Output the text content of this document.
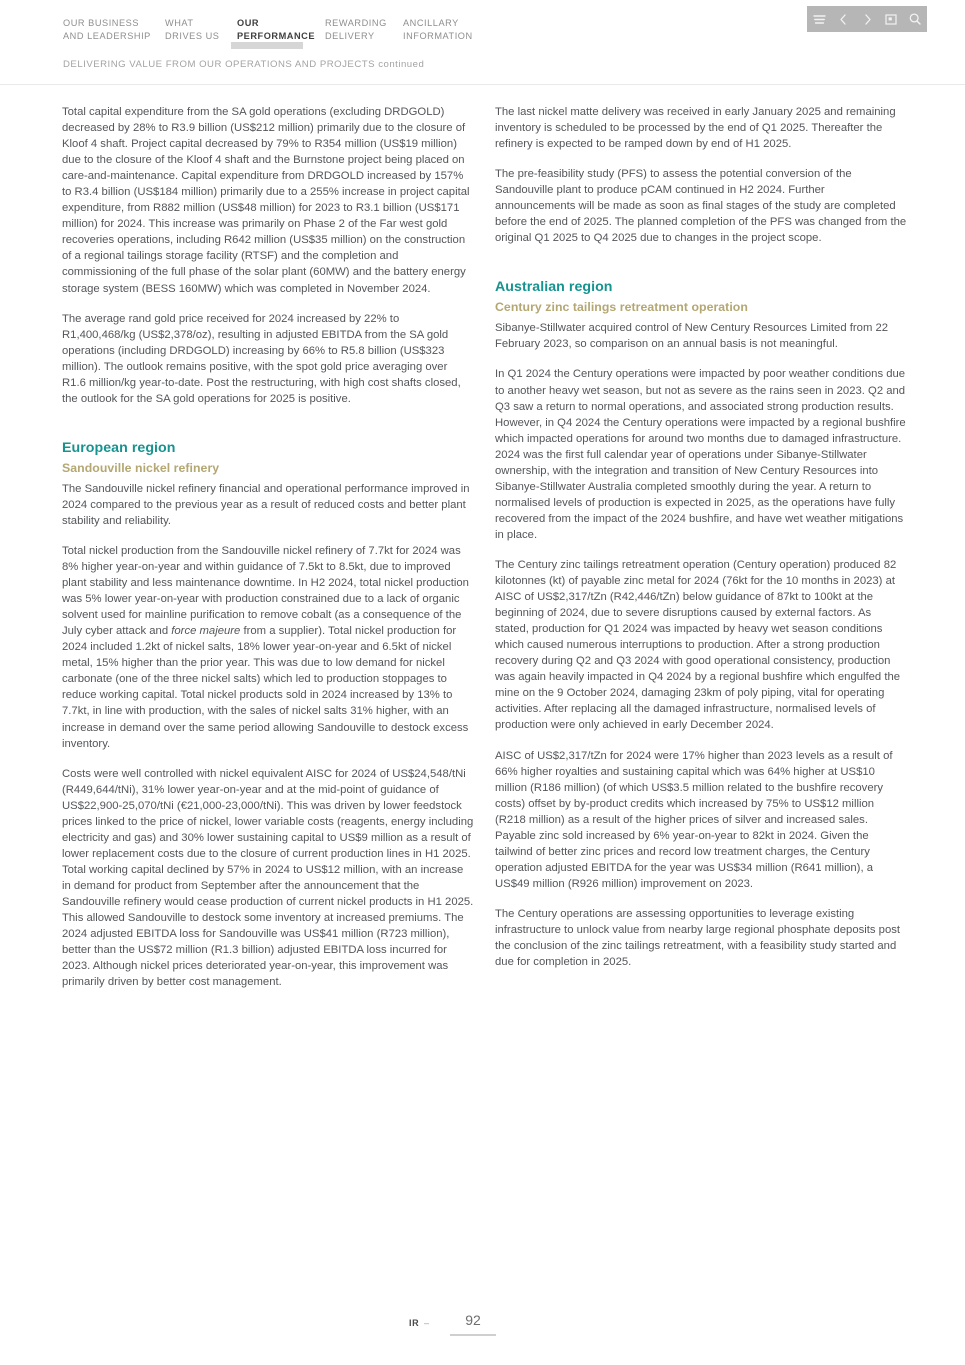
OUR BUSINESS
AND LEADERSHIP
WHAT
DRIVES US
OUR
PERFORMANCE
REWARDING
DELIVERY
ANCILLARY
INFORMATION
DELIVERING VALUE FROM OUR OPERATIONS AND PROJECTS continued

Total capital expenditure from the SA gold operations (excluding DRDGOLD) decreased by 28% to R3.9 billion (US$212 million) primarily due to the closure of Kloof 4 shaft. Project capital decreased by 79% to R354 million (US$19 million) due to the closure of the Kloof 4 shaft and the Burnstone project being placed on care-and-maintenance. Capital expenditure from DRDGOLD increased by 157% to R3.4 billion (US$184 million) primarily due to a 255% increase in project capital expenditure, from R882 million (US$48 million) for 2023 to R3.1 billion (US$171 million) for 2024. This increase was primarily on Phase 2 of the Far west gold recoveries operations, including R642 million (US$35 million) on the construction of a regional tailings storage facility (RTSF) and the completion and commissioning of the full phase of the solar plant (60MW) and the battery energy storage system (BESS 160MW) which was completed in November 2024.

The average rand gold price received for 2024 increased by 22% to R1,400,468/kg (US$2,378/oz), resulting in adjusted EBITDA from the SA gold operations (including DRDGOLD) increasing by 66% to R5.8 billion (US$323 million). The outlook remains positive, with the spot gold price averaging over R1.6 million/kg year-to-date. Post the restructuring, with high cost shafts closed, the outlook for the SA gold operations for 2025 is positive.

European region
Sandouville nickel refinery

The Sandouville nickel refinery financial and operational performance improved in 2024 compared to the previous year as a result of reduced costs and better plant stability and reliability.

Total nickel production from the Sandouville nickel refinery of 7.7kt for 2024 was 8% higher year-on-year and within guidance of 7.5kt to 8.5kt, due to improved plant stability and less maintenance downtime. In H2 2024, total nickel production was 5% lower year-on-year with production constrained due to a lack of organic solvent used for mainline purification to remove cobalt (as a consequence of the July cyber attack and force majeure from a supplier). Total nickel production for 2024 included 1.2kt of nickel salts, 18% lower year-on-year and 6.5kt of nickel metal, 15% higher than the prior year. This was due to low demand for nickel carbonate (one of the three nickel salts) which led to production stoppages to reduce working capital. Total nickel products sold in 2024 increased by 13% to 7.7kt, in line with production, with the sales of nickel salts 31% higher, with an increase in demand over the same period allowing Sandouville to destock excess inventory.

Costs were well controlled with nickel equivalent AISC for 2024 of US$24,548/tNi (R449,644/tNi), 31% lower year-on-year and at the mid-point of guidance of US$22,900-25,070/tNi (€21,000-23,000/tNi). This was driven by lower feedstock prices linked to the price of nickel, lower variable costs (reagents, energy including electricity and gas) and 30% lower sustaining capital to US$9 million as a result of lower replacement costs due to the closure of current production lines in H1 2025. Total working capital declined by 57% in 2024 to US$12 million, with an increase in demand for product from September after the announcement that the Sandouville refinery would cease production of current nickel products in H1 2025. This allowed Sandouville to destock some inventory at increased premiums. The 2024 adjusted EBITDA loss for Sandouville was US$41 million (R723 million), better than the US$72 million (R1.3 billion) adjusted EBITDA loss incurred for 2023. Although nickel prices deteriorated year-on-year, this improvement was primarily driven by better cost management.

The last nickel matte delivery was received in early January 2025 and remaining inventory is scheduled to be processed by the end of Q1 2025. Thereafter the refinery is expected to be ramped down by end of H1 2025.

The pre-feasibility study (PFS) to assess the potential conversion of the Sandouville plant to produce pCAM continued in H2 2024. Further announcements will be made as soon as final stages of the study are completed before the end of 2025. The planned completion of the PFS was changed from the original Q1 2025 to Q4 2025 due to changes in the project scope.

Australian region
Century zinc tailings retreatment operation

Sibanye-Stillwater acquired control of New Century Resources Limited from 22 February 2023, so comparison on an annual basis is not meaningful.

In Q1 2024 the Century operations were impacted by poor weather conditions due to another heavy wet season, but not as severe as the rains seen in 2023. Q2 and Q3 saw a return to normal operations, and associated strong production results. However, in Q4 2024 the Century operations were impacted by a regional bushfire which impacted operations for around two months due to damaged infrastructure. 2024 was the first full calendar year of operations under Sibanye-Stillwater ownership, with the integration and transition of New Century Resources into Sibanye-Stillwater Australia completed smoothly during the year. A return to normalised levels of production is expected in 2025, as the operations have fully recovered from the impact of the 2024 bushfire, and have wet weather mitigations in place.

The Century zinc tailings retreatment operation (Century operation) produced 82 kilotonnes (kt) of payable zinc metal for 2024 (76kt for the 10 months in 2023) at AISC of US$2,317/tZn (R42,446/tZn) below guidance of 87kt to 100kt at the beginning of 2024, due to severe disruptions caused by external factors. As stated, production for Q1 2024 was impacted by heavy wet season conditions which caused numerous interruptions to production. After a strong production recovery during Q2 and Q3 2024 with good operational consistency, production was again heavily impacted in Q4 2024 by a regional bushfire which engulfed the mine on the 9 October 2024, damaging 23km of poly piping, vital for operating activities. After replacing all the damaged infrastructure, normalised levels of production were only achieved in early December 2024.

AISC of US$2,317/tZn for 2024 were 17% higher than 2023 levels as a result of 66% higher royalties and sustaining capital which was 64% higher at US$10 million (R186 million) (of which US$3.5 million related to the bushfire recovery costs) offset by by-product credits which increased by 75% to US$12 million (R218 million) as a result of the higher prices of silver and increased sales. Payable zinc sold increased by 6% year-on-year to 82kt in 2024. Given the tailwind of better zinc prices and record low treatment charges, the Century operation adjusted EBITDA for the year was US$34 million (R641 million), a US$49 million (R926 million) improvement on 2023.

The Century operations are assessing opportunities to leverage existing infrastructure to unlock value from nearby large regional phosphate deposits post the conclusion of the zinc tailings retreatment, with a feasibility study started and due for completion in 2025.

IR –	92
